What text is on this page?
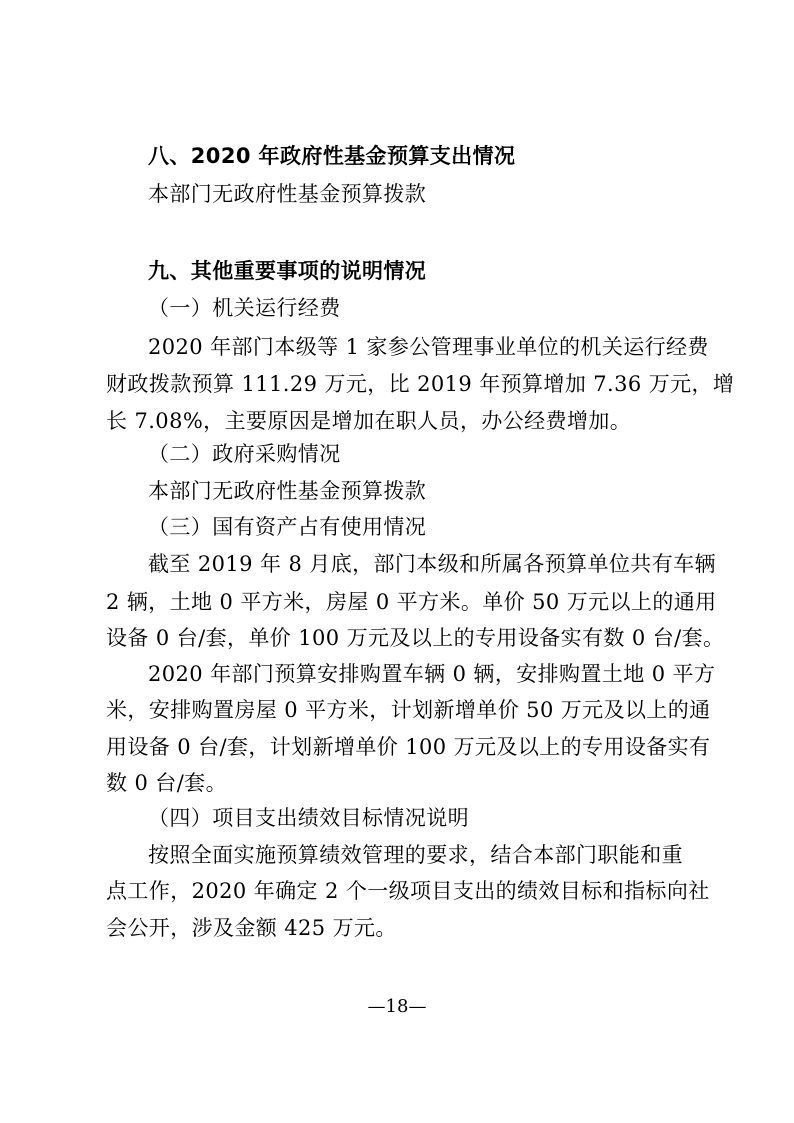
八、2020 年政府性基金预算支出情况
本部门无政府性基金预算拨款
九、其他重要事项的说明情况
（一）机关运行经费
2020 年部门本级等 1 家参公管理事业单位的机关运行经费
财政拨款预算 111.29 万元，比 2019 年预算增加 7.36 万元，增
长 7.08%，主要原因是增加在职人员，办公经费增加。
（二）政府采购情况
本部门无政府性基金预算拨款
（三）国有资产占有使用情况
截至 2019 年 8 月底，部门本级和所属各预算单位共有车辆
2 辆，土地 0 平方米，房屋 0 平方米。单价 50 万元以上的通用
设备 0 台/套，单价 100 万元及以上的专用设备实有数 0 台/套。
2020 年部门预算安排购置车辆 0 辆，安排购置土地 0 平方
米，安排购置房屋 0 平方米，计划新增单价 50 万元及以上的通
用设备 0 台/套，计划新增单价 100 万元及以上的专用设备实有
数 0 台/套。
（四）项目支出绩效目标情况说明
按照全面实施预算绩效管理的要求，结合本部门职能和重
点工作，2020 年确定 2 个一级项目支出的绩效目标和指标向社
会公开，涉及金额 425 万元。
—18—
